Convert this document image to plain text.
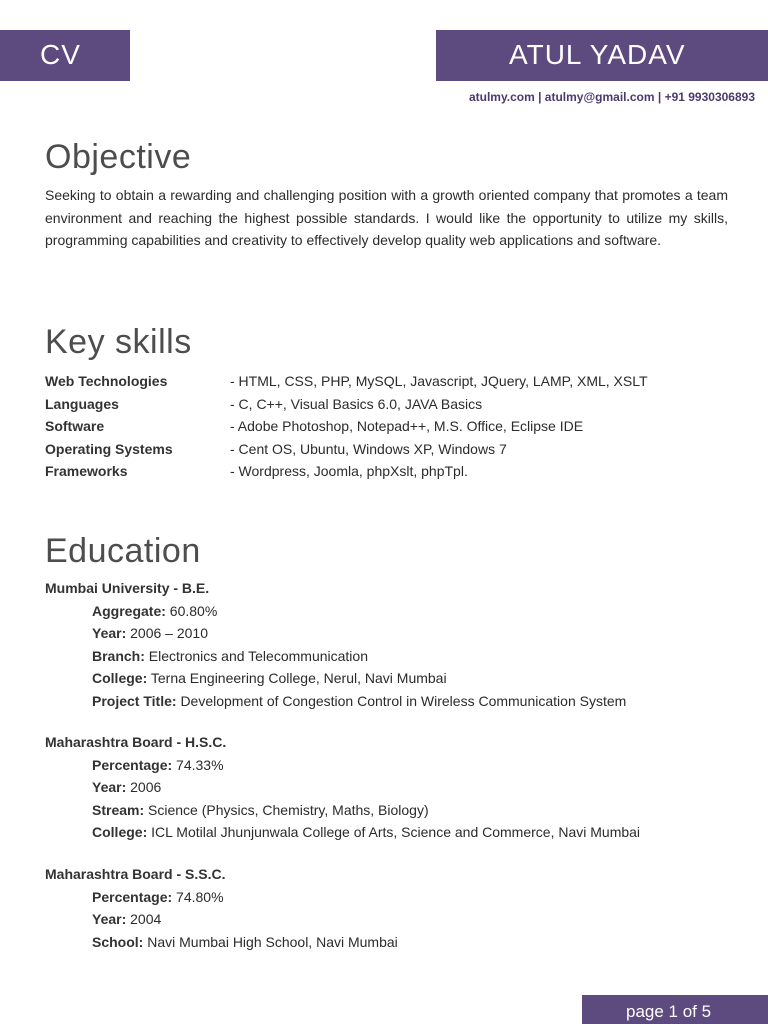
CV	ATUL YADAV
atulmy.com | atulmy@gmail.com | +91 9930306893
Objective

Seeking to obtain a rewarding and challenging position with a growth oriented company that promotes a team environment and reaching the highest possible standards. I would like the opportunity to utilize my skills, programming capabilities and creativity to effectively develop quality web applications and software.

Key skills
Web Technologies	- HTML, CSS, PHP, MySQL, Javascript, JQuery, LAMP, XML, XSLT
Languages	- C, C++, Visual Basics 6.0, JAVA Basics
Software	- Adobe Photoshop, Notepad++, M.S. Office, Eclipse IDE
Operating Systems	- Cent OS, Ubuntu, Windows XP, Windows 7
Frameworks	- Wordpress, Joomla, phpXslt, phpTpl.
Education
Mumbai University - B.E.
Aggregate: 60.80%
Year: 2006 – 2010
Branch: Electronics and Telecommunication
College: Terna Engineering College, Nerul, Navi Mumbai
Project Title: Development of Congestion Control in Wireless Communication System
Maharashtra Board - H.S.C.
Percentage: 74.33%
Year: 2006
Stream: Science (Physics, Chemistry, Maths, Biology)
College: ICL Motilal Jhunjunwala College of Arts, Science and Commerce, Navi Mumbai
Maharashtra Board - S.S.C.
Percentage: 74.80%
Year: 2004
School: Navi Mumbai High School, Navi Mumbai
page 1 of 5
